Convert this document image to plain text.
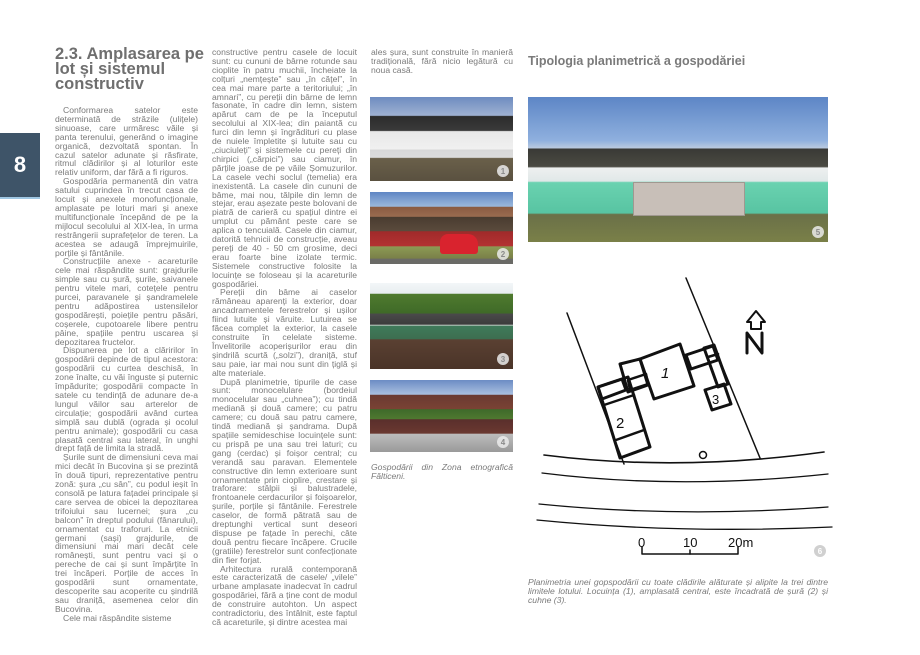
8
2.3. Amplasarea pe lot și sistemul constructiv

Conformarea satelor este determinată de străzile (ulițele) sinuoase, care urmăresc văile și panta terenului, generând o imagine organică, dezvoltată spontan. În cazul satelor adunate și răsfirate, ritmul clădirilor și al loturilor este relativ uniform, dar fără a fi riguros.

Gospodăria permanentă din vatra satului cuprindea în trecut casa de locuit și anexele monofuncționale, amplasate pe loturi mari și anexe multifuncționale începând de pe la mijlocul secolului al XIX-lea, în urma restrângerii suprafețelor de teren. La acestea se adaugă împrejmuirile, porțile și fântânile.

Construcțiile anexe - acareturile cele mai răspândite sunt: grajdurile simple sau cu șură, șurile, saivanele pentru vitele mari, cotețele pentru purcei, paravanele și șandramelele pentru adăpostirea ustensilelor gospodărești, poiețile pentru păsări, coșerele, cupotoarele libere pentru pâine, spațiile pentru uscarea și depozitarea fructelor.

Dispunerea pe lot a clăririlor în gospodării depinde de tipul acestora: gospodării cu curtea deschisă, în zone înalte, cu văi înguste și puternic împădurite; gospodării compacte în satele cu tendință de adunare de-a lungul văilor sau arterelor de circulație; gospodării având curtea simplă sau dublă (ograda și ocolul pentru animale); gospodării cu casa plasată central sau lateral, în unghi drept față de limita la stradă.

Șurile sunt de dimensiuni ceva mai mici decât în Bucovina și se prezintă în două tipuri, reprezentative pentru zonă: șura „cu sân”, cu podul ieșit în consolă pe latura fațadei principale și care servea de obicei la depozitarea trifoiului sau lucernei; șura „cu balcon” în dreptul podului (fânarului), ornamentat cu traforuri. La etnicii germani (sași) grajdurile, de dimensiuni mai mari decât cele românești, sunt pentru vaci și o pereche de cai și sunt împărțite în trei încăperi. Porțile de acces în gospodării sunt ornamentate, descoperite sau acoperite cu șindrilă sau draniță, asemenea celor din Bucovina.

Cele mai răspândite sisteme

constructive pentru casele de locuit sunt: cu cununi de bârne rotunde sau cioplite în patru muchii, încheiate la colțuri „nemțește” sau „în cățel”, în cea mai mare parte a teritoriului; „în amnari”, cu pereții din bârne de lemn fasonate, în cadre din lemn, sistem apărut cam de pe la începutul secolului al XIX-lea; din paiantă cu furci din lemn și îngrădituri cu plase de nuiele împletite și lutuite sau cu „ciuciuleți” și sistemele cu pereți din chirpici („cărpici”) sau ciamur, în părțile joase de pe văile Șomuzurilor. La casele vechi soclul (temelia) era inexistentă. La casele din cununi de bâme, mai nou, tălpile din lemn de stejar, erau așezate peste bolovani de piatră de carieră cu spațiul dintre ei umplut cu pământ peste care se aplica o tencuială. Casele din ciamur, datorită tehnicii de construcție, aveau pereți de 40 - 50 cm grosime, deci erau foarte bine izolate termic. Sistemele constructive folosite la locuințe se foloseau și la acareturile gospodăriei.

Pereții din bâme ai caselor rămâneau aparenți la exterior, doar ancadramentele ferestrelor și ușilor fiind lutuite și văruite. Lutuirea se făcea complet la exterior, la casele construite în celelate sisteme. Învelitorile acoperișurilor erau din șindrilă scurtă („solzi”), draniță, stuf sau paie, iar mai nou sunt din țiglă și alte materiale.

După planimetrie, tipurile de case sunt: monocelulare (bordeiul monocelular sau „cuhnea”); cu tindă mediană și două camere; cu patru camere; cu două sau patru camere, tindă mediană și șandrama. După spațiile semideschise locuințele sunt: cu prispă pe una sau trei laturi; cu gang (cerdac) și foișor central; cu verandă sau paravan. Elementele constructive din lemn exterioare sunt ornamentate prin cioplire, crestare și traforare: stâlpii și balustradele, frontoanele cerdacurilor și foișoarelor, șurile, porțile și fântânile. Ferestrele caselor, de formă pătrată sau de dreptunghi vertical sunt deseori dispuse pe fațade în perechi, câte două pentru fiecare încăpere. Crucile (gratiile) ferestrelor sunt confecționate din fier forjat.

Arhitectura rurală contemporană este caracterizată de casele/ „vilele” urbane amplasate inadecvat în cadrul gospodăriei, fără a ține cont de modul de construire autohton. Un aspect contradictoriu, des întâlnit, este faptul că acareturile, și dintre acestea mai

ales șura, sunt construite în manieră tradițională, fără nicio legătură cu noua casă.

1
2
3
4
Gospodării din Zona etnografică Fălticeni.
Tipologia planimetrică a gospodăriei
5
1
2
3
0	10 20m
6
Planimetria unei gopspodării cu toate clădirile alăturate și alipite la trei dintre limitele lotului. Locuința (1), amplasată central, este încadrată de șură (2) și cuhne (3).
